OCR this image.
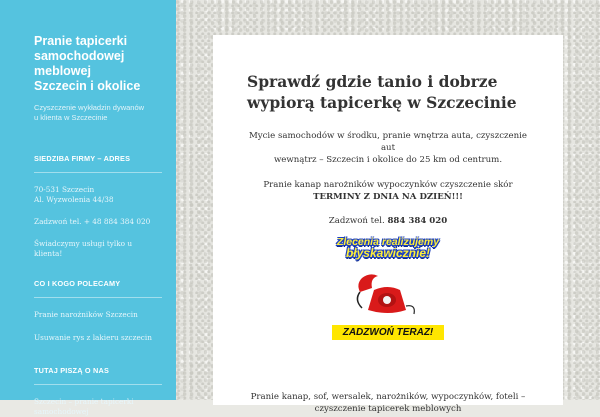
Pranie tapicerki
samochodowej
meblowej
Szczecin i okolice
Czyszczenie wykładzin dywanów
u klienta w Szczecinie
SIEDZIBA FIRMY – ADRES
70-531 Szczecin
Al. Wyzwolenia 44/38
Zadzwoń tel. + 48 884 384 020
Świadczymy usługi tylko u
klienta!
CO I KOGO POLECAMY
Pranie narożników Szczecin
Usuwanie rys z lakieru szczecin
TUTAJ PISZĄ O NAS
Szczecin – pranie tapicerki
samochodowej
Sprawdź gdzie tanio i dobrze
wypiorą tapicerkę w Szczecinie
Mycie samochodów w środku, pranie wnętrza auta, czyszczenie aut
wewnątrz – Szczecin i okolice do 25 km od centrum.
Pranie kanap narożników wypoczynków czyszczenie skór
TERMINY Z DNIA NA DZIEŃ!!!
Zadzwoń tel. 884 384 020
Zlecenia realizujemy
błyskawicznie!
ZADZWOŃ TERAZ!
Pranie kanap, sof, wersalek, narożników, wypoczynków, foteli –
czyszczenie tapicerek meblowych
